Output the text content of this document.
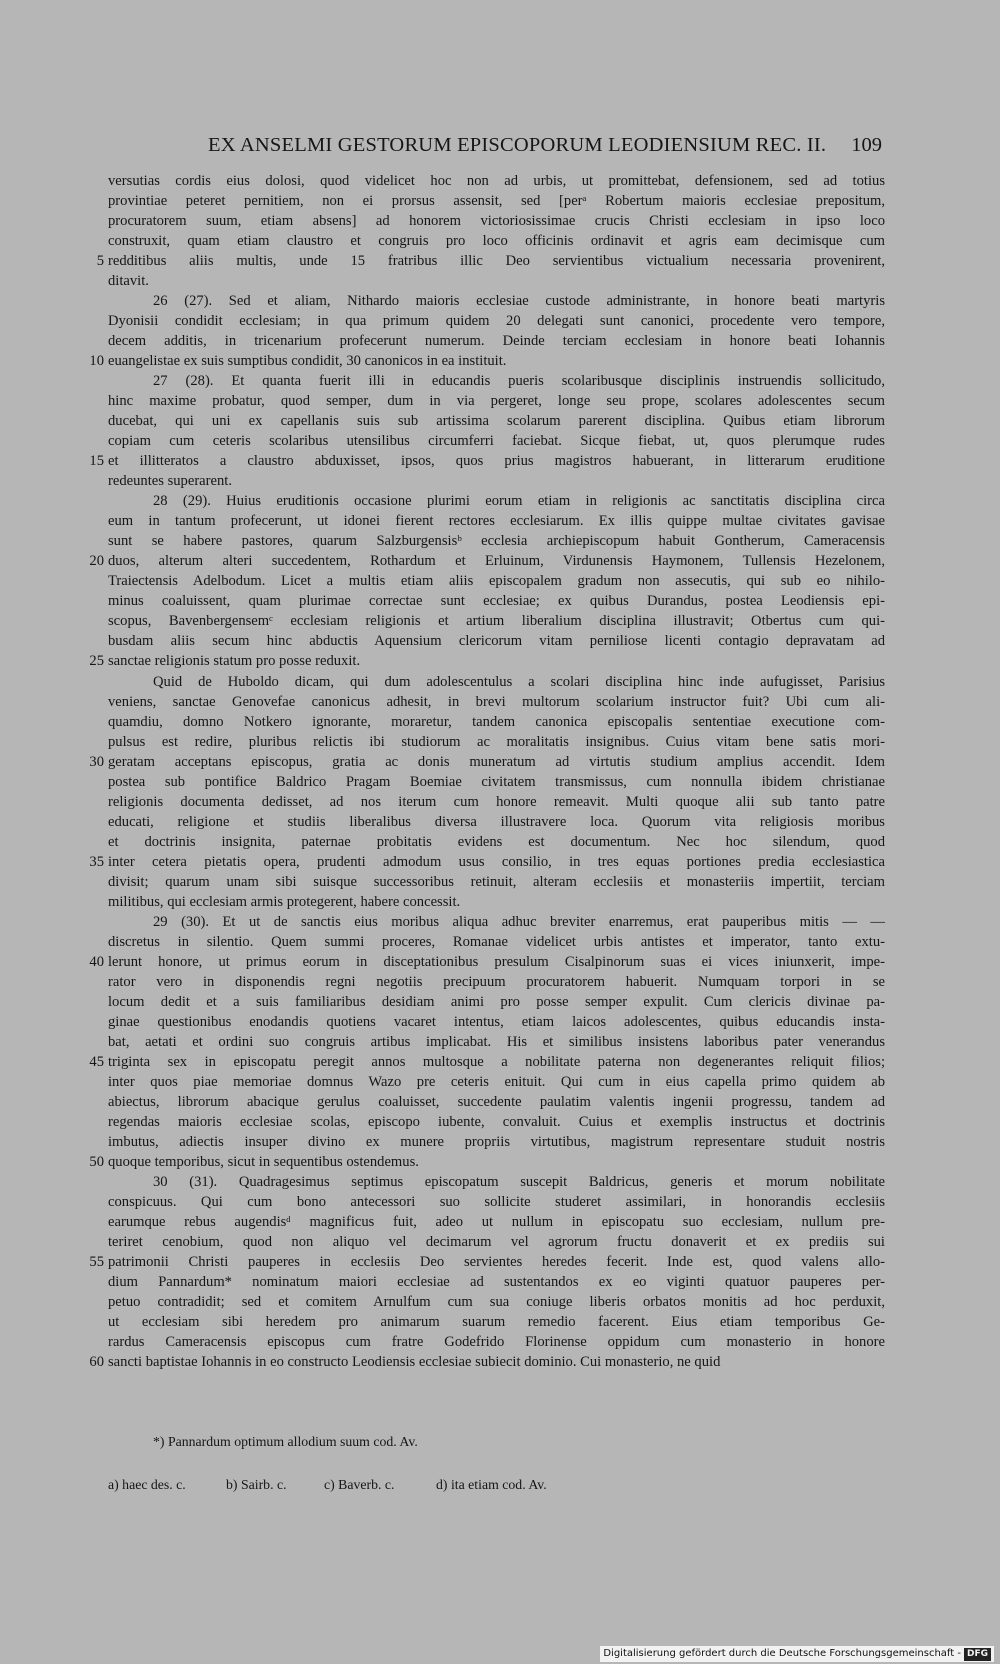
EX ANSELMI GESTORUM EPISCOPORUM LEODIENSIUM REC. II. 109
versutias cordis eius dolosi, quod videlicet hoc non ad urbis, ut promittebat, defensionem, sed ad totius
provintiae peteret pernitiem, non ei prorsus assensit, sed [perᵃ Robertum maioris ecclesiae prepositum,
procuratorem suum, etiam absens] ad honorem victoriosissimae crucis Christi ecclesiam in ipso loco
construxit, quam etiam claustro et congruis pro loco officinis ordinavit et agris eam decimisque cum
redditibus aliis multis, unde 15 fratribus illic Deo servientibus victualium necessaria provenirent,
5
ditavit.
26 (27). Sed et aliam, Nithardo maioris ecclesiae custode administrante, in honore beati martyris
Dyonisii condidit ecclesiam; in qua primum quidem 20 delegati sunt canonici, procedente vero tempore,
decem additis, in tricenarium profecerunt numerum. Deinde terciam ecclesiam in honore beati Iohannis
euangelistae ex suis sumptibus condidit, 30 canonicos in ea instituit.
10
27 (28). Et quanta fuerit illi in educandis pueris scolaribusque disciplinis instruendis sollicitudo,
hinc maxime probatur, quod semper, dum in via pergeret, longe seu prope, scolares adolescentes secum
ducebat, qui uni ex capellanis suis sub artissima scolarum parerent disciplina. Quibus etiam librorum
copiam cum ceteris scolaribus utensilibus circumferri faciebat. Sicque fiebat, ut, quos plerumque rudes
et illitteratos a claustro abduxisset, ipsos, quos prius magistros habuerant, in litterarum eruditione
15
redeuntes superarent.
28 (29). Huius eruditionis occasione plurimi eorum etiam in religionis ac sanctitatis disciplina circa
eum in tantum profecerunt, ut idonei fierent rectores ecclesiarum. Ex illis quippe multae civitates gavisae
sunt se habere pastores, quarum Salzburgensisᵇ ecclesia archiepiscopum habuit Gontherum, Cameracensis
duos, alterum alteri succedentem, Rothardum et Erluinum, Virdunensis Haymonem, Tullensis Hezelonem,
20
Traiectensis Adelbodum. Licet a multis etiam aliis episcopalem gradum non assecutis, qui sub eo nihilo-
minus coaluissent, quam plurimae correctae sunt ecclesiae; ex quibus Durandus, postea Leodiensis epi-
scopus, Bavenbergensemᶜ ecclesiam religionis et artium liberalium disciplina illustravit; Otbertus cum qui-
busdam aliis secum hinc abductis Aquensium clericorum vitam perniliose licenti contagio depravatam ad
sanctae religionis statum pro posse reduxit.
25
Quid de Huboldo dicam, qui dum adolescentulus a scolari disciplina hinc inde aufugisset, Parisius
veniens, sanctae Genovefae canonicus adhesit, in brevi multorum scolarium instructor fuit? Ubi cum ali-
quamdiu, domno Notkero ignorante, moraretur, tandem canonica episcopalis sententiae executione com-
pulsus est redire, pluribus relictis ibi studiorum ac moralitatis insignibus. Cuius vitam bene satis mori-
geratam acceptans episcopus, gratia ac donis muneratum ad virtutis studium amplius accendit. Idem
30
postea sub pontifice Baldrico Pragam Boemiae civitatem transmissus, cum nonnulla ibidem christianae
religionis documenta dedisset, ad nos iterum cum honore remeavit. Multi quoque alii sub tanto patre
educati, religione et studiis liberalibus diversa illustravere loca. Quorum vita religiosis moribus
et doctrinis insignita, paternae probitatis evidens est documentum. Nec hoc silendum, quod
inter cetera pietatis opera, prudenti admodum usus consilio, in tres equas portiones predia ecclesiastica
35
divisit; quarum unam sibi suisque successoribus retinuit, alteram ecclesiis et monasteriis impertiit, terciam
militibus, qui ecclesiam armis protegerent, habere concessit.
29 (30). Et ut de sanctis eius moribus aliqua adhuc breviter enarremus, erat pauperibus mitis — —
discretus in silentio. Quem summi proceres, Romanae videlicet urbis antistes et imperator, tanto extu-
lerunt honore, ut primus eorum in disceptationibus presulum Cisalpinorum suas ei vices iniunxerit, impe-
40
rator vero in disponendis regni negotiis precipuum procuratorem habuerit. Numquam torpori in se
locum dedit et a suis familiaribus desidiam animi pro posse semper expulit. Cum clericis divinae pa-
ginae questionibus enodandis quotiens vacaret intentus, etiam laicos adolescentes, quibus educandis insta-
bat, aetati et ordini suo congruis artibus implicabat. His et similibus insistens laboribus pater venerandus
triginta sex in episcopatu peregit annos multosque a nobilitate paterna non degenerantes reliquit filios;
45
inter quos piae memoriae domnus Wazo pre ceteris enituit. Qui cum in eius capella primo quidem ab
abiectus, librorum abacique gerulus coaluisset, succedente paulatim valentis ingenii progressu, tandem ad
regendas maioris ecclesiae scolas, episcopo iubente, convaluit. Cuius et exemplis instructus et doctrinis
imbutus, adiectis insuper divino ex munere propriis virtutibus, magistrum representare studuit nostris
quoque temporibus, sicut in sequentibus ostendemus.
50
30 (31). Quadragesimus septimus episcopatum suscepit Baldricus, generis et morum nobilitate
conspicuus. Qui cum bono antecessori suo sollicite studeret assimilari, in honorandis ecclesiis
earumque rebus augendisᵈ magnificus fuit, adeo ut nullum in episcopatu suo ecclesiam, nullum pre-
teriret cenobium, quod non aliquo vel decimarum vel agrorum fructu donaverit et ex prediis sui
patrimonii Christi pauperes in ecclesiis Deo servientes heredes fecerit. Inde est, quod valens allo-
55
dium Pannardum* nominatum maiori ecclesiae ad sustentandos ex eo viginti quatuor pauperes per-
petuo contradidit; sed et comitem Arnulfum cum sua coniuge liberis orbatos monitis ad hoc perduxit,
ut ecclesiam sibi heredem pro animarum suarum remedio facerent. Eius etiam temporibus Ge-
rardus Cameracensis episcopus cum fratre Godefrido Florinense oppidum cum monasterio in honore
sancti baptistae Iohannis in eo constructo Leodiensis ecclesiae subiecit dominio. Cui monasterio, ne quid
60
*) Pannardum optimum allodium suum cod. Av.
a) haec des. c.	b) Sairb. c.	c) Baverb. c.	d) ita etiam cod. Av.
Digitalisierung gefördert durch die Deutsche Forschungsgemeinschaft - DFG
